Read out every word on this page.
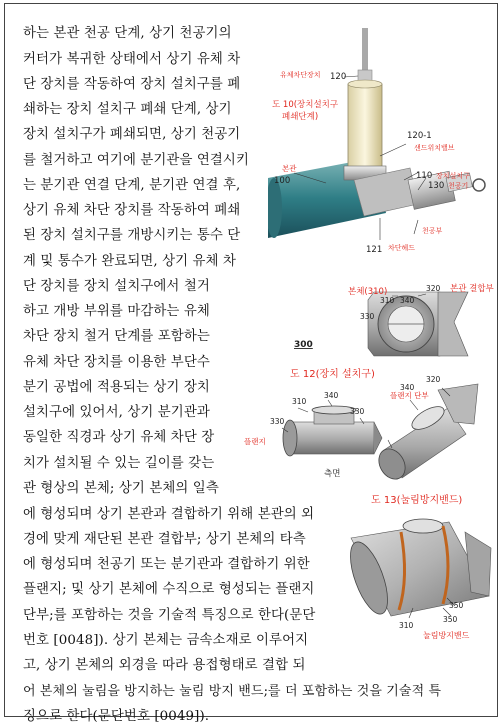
하는 본관 천공 단계, 상기 천공기의
커터가 복귀한 상태에서 상기 유체 차
단 장치를 작동하여 장치 설치구를 폐
쇄하는 장치 설치구 폐쇄 단계, 상기
장치 설치구가 폐쇄되면, 상기 천공기
를 철거하고 여기에 분기관을 연결시키
는 분기관 연결 단계, 분기관 연결 후,
상기 유체 차단 장치를 작동하여 폐쇄
된 장치 설치구를 개방시키는 통수 단
계 및 통수가 완료되면, 상기 유체 차
단 장치를 장치 설치구에서 철거
하고 개방 부위를 마감하는 유체
차단 장치 철거 단계를 포함하는
유체 차단 장치를 이용한 부단수
분기 공법에 적용되는 상기 장치
설치구에 있어서, 상기 분기관과
동일한 직경과 상기 유체 차단 장
치가 설치될 수 있는 길이를 갖는
관 형상의 본체; 상기 본체의 일측
에 형성되며 상기 본관과 결합하기 위해 본관의 외
경에 맞게 재단된 본관 결합부; 상기 본체의 타측
에 형성되며 천공기 또는 분기관과 결합하기 위한
플랜지; 및 상기 본체에 수직으로 형성되는 플랜지
단부;를 포함하는 것을 기술적 특징으로 한다(문단
번호 [0048]). 상기 본체는 금속소재로 이루어지
고, 상기 본체의 외경을 따라 용접형태로 결합 되
어 본체의 눌림을 방지하는 눌림 방지 밴드;를 더 포함하는 것을 기술적 특
징으로 한다(문단번호 [0049]).
120
유체차단장치
도 10(장치설치구
폐쇄단계)
120-1
샌드위치밸브
본관
100	110 장치설치구
130 천공기
천공부
121 차단헤드
본체(310)	본관 결합부
320
310 340
330
300
도 12(장치 설치구)
310
340
330
320
플랜지 단부
340
330
플랜지
측면
도 13(눌림방지밴드)
310
350
350
눌림방지밴드
